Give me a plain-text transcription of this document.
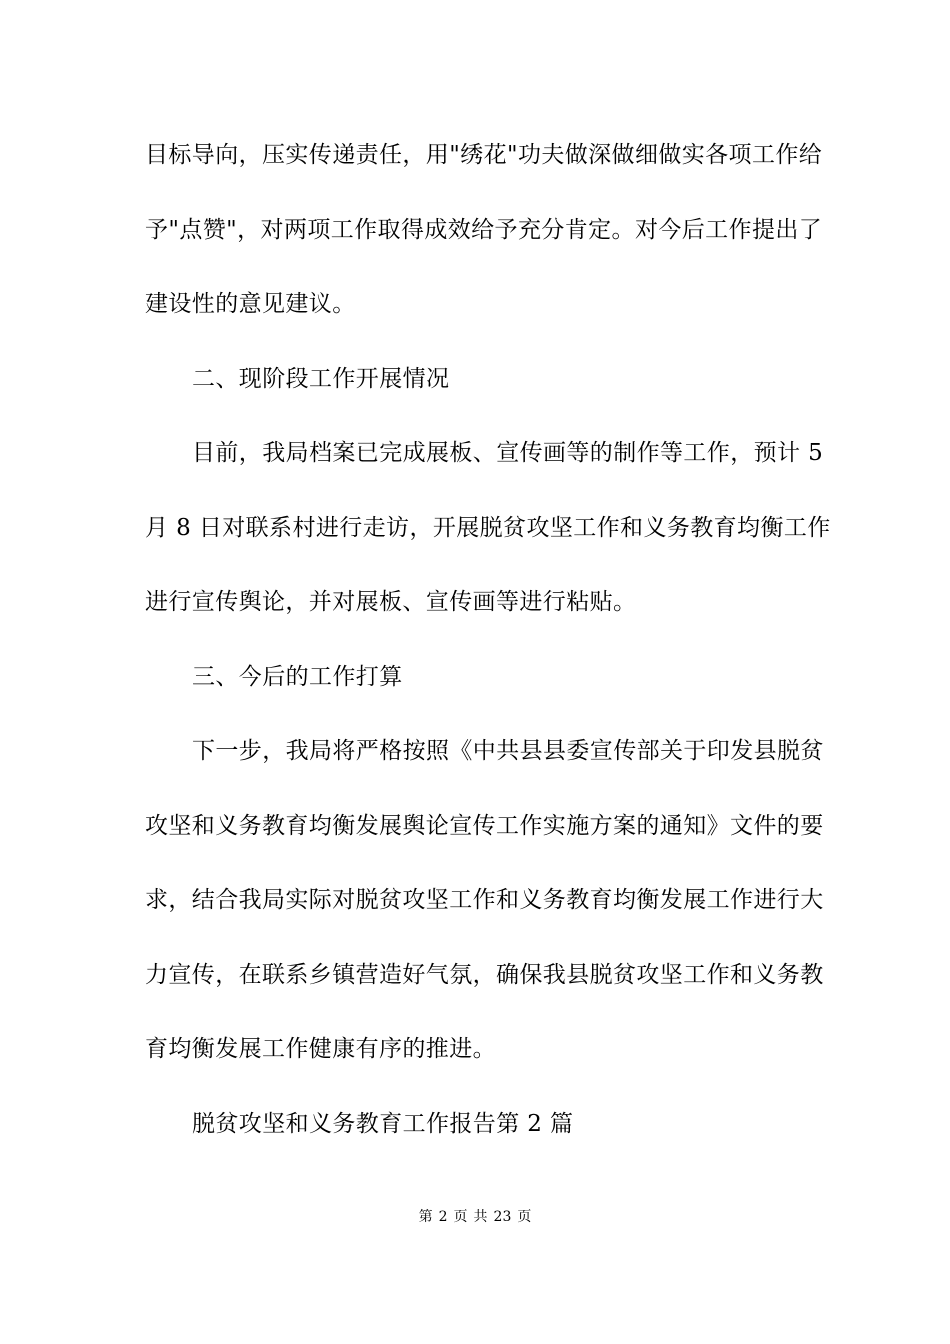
目标导向，压实传递责任，用"绣花"功夫做深做细做实各项工作给
予"点赞"，对两项工作取得成效给予充分肯定。对今后工作提出了
建设性的意见建议。
二、现阶段工作开展情况
目前，我局档案已完成展板、宣传画等的制作等工作，预计 5
月 8 日对联系村进行走访，开展脱贫攻坚工作和义务教育均衡工作
进行宣传舆论，并对展板、宣传画等进行粘贴。
三、今后的工作打算
下一步，我局将严格按照《中共县县委宣传部关于印发县脱贫
攻坚和义务教育均衡发展舆论宣传工作实施方案的通知》文件的要
求，结合我局实际对脱贫攻坚工作和义务教育均衡发展工作进行大
力宣传，在联系乡镇营造好气氛，确保我县脱贫攻坚工作和义务教
育均衡发展工作健康有序的推进。
脱贫攻坚和义务教育工作报告第 2 篇
第 2 页 共 23 页
